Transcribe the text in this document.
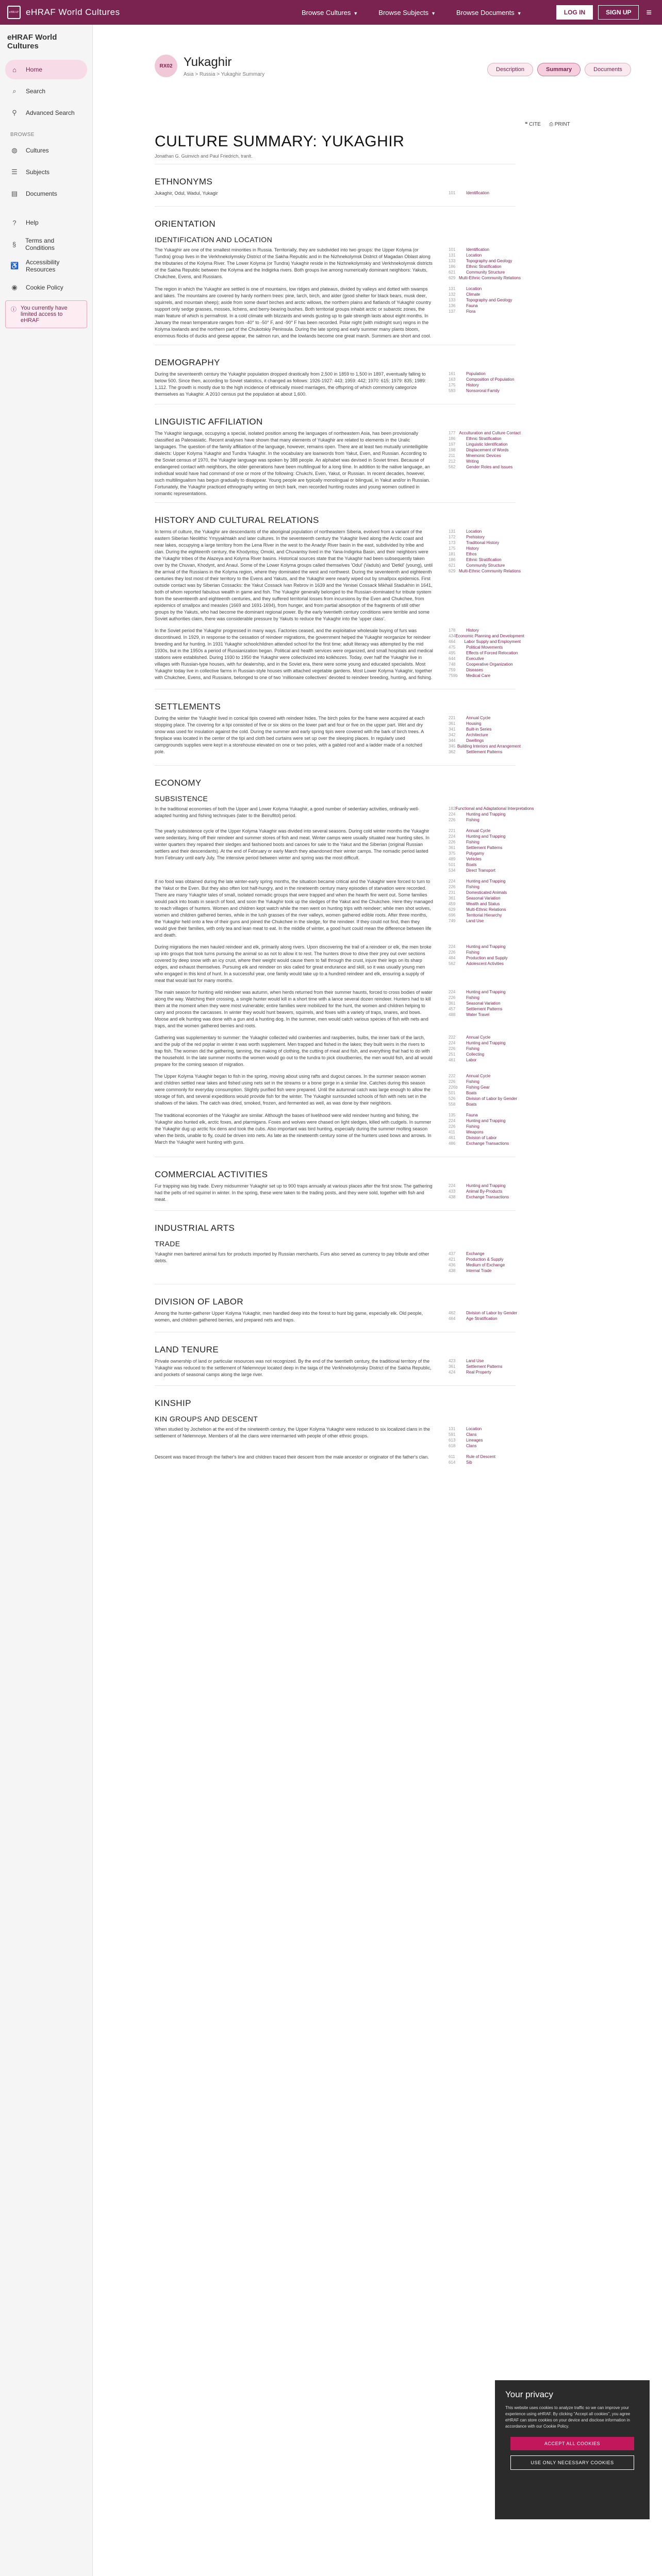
eHRAF eHRAF World Cultures	Browse Cultures ▼	Browse Subjects ▼	Browse Documents ▼	LOG IN	SIGN UP	≡
eHRAF World Cultures
⌂	Home
⌕	Search
⚲ Advanced Search
BROWSE
◍ Cultures
☰ Subjects
▤ Documents
?	Help
§	Terms and Conditions
♿ Accessibility Resources
◉ Cookie Policy
ⓘ You currently have limited access to eHRAF
RX02 Yukaghir
Asia > Russia > Yukaghir Summary
Description	Summary	Documents
❝ CITE ⎙ PRINT
CULTURE SUMMARY: YUKAGHIR
Jonathan G. Guinvich and Paul Friedrich, tranlt.
ETHNONYMS

Jukaghir, Odul, Wadul, Yukagir	101	Identification
ORIENTATION
IDENTIFICATION AND LOCATION

The Yukaghir are one of the smallest minorities in Russia. Territorially, they are subdivided into two groups: the Upper Kolyma (or Tundra) group lives in the Verkhnekolymskiy District of the Sakha Republic and in the Nizhnekolymsk District of Magadan Oblast along the tributaries of the Kolyma River. The Lower Kolyma (or Tundra) Yukaghir reside in the Nizhnekolymskiy and Verkhnekolymsk districts of the Sakha Republic between the Kolyma and the Indigirka rivers. Both groups live among numerically dominant neighbors: Yakuts, Chukchee, Evens, and Russians.

101	Identification
131	Location
133	Topography and Geology
186	Ethnic Stratification
621	Community Structure
629 Multi-Ethnic Community Relations

The region in which the Yukaghir are settled is one of mountains, low ridges and plateaus, divided by valleys and dotted with swamps and lakes. The mountains are covered by hardy northern trees: pine, larch, birch, and alder (good shelter for black bears, musk deer, squirrels, and mountain sheep); aside from some dwarf birches and arctic willows, the northern plains and flatlands of Yukaghir country support only sedge grasses, mosses, lichens, and berry-bearing bushes. Both territorial groups inhabit arctic or subarctic zones, the main feature of which is permafrost. In a cold climate with blizzards and winds gusting up to gale strength lasts about eight months. In January the mean temperature ranges from -40° to -50° F, and -90° F has been recorded. Polar night (with midnight sun) reigns in the Kolyma lowlands and the northern part of the Chukotskiy Peninsula. During the late spring and early summer many plants bloom, enormous flocks of ducks and geese appear, the salmon run, and the lowlands become one great marsh. Summers are short and cool.

131	Location
132	Climate
133	Topography and Geology
136	Fauna
137	Flora
DEMOGRAPHY

During the seventeenth century the Yukaghir population dropped drastically from 2,500 in 1859 to 1,500 in 1897, eventually falling to below 500. Since then, according to Soviet statistics, it changed as follows: 1926-1927: 443; 1959: 442; 1970: 615; 1979: 835; 1989: 1,112. The growth is mostly due to the high incidence of ethnically mixed marriages, the offspring of which commonly categorize themselves as Yukaghir. A 2010 census put the population at about 1,600.

161	Population
163	Composition of Population
175	History
593	Nonsororal Family
LINGUISTIC AFFILIATION

The Yukaghir language, occupying a special, isolated position among the languages of northeastern Asia, has been provisionally classified as Paleoasiatic. Recent analyses have shown that many elements of Yukaghir are related to elements in the Uralic languages. The question of the family affiliation of the language, however, remains open. There are at least two mutually unintelligible dialects: Upper Kolyma Yukaghir and Tundra Yukaghir. In the vocabulary are loanwords from Yakut, Even, and Russian. According to the Soviet census of 1970, the Yukaghir language was spoken by 388 people. An alphabet was devised in Soviet times. Because of endangered contact with neighbors, the older generations have been multilingual for a long time. In addition to the native language, an individual would have had command of one or more of the following: Chukchi, Even, Yakut, or Russian. In recent decades, however, such multilingualism has begun gradually to disappear. Young people are typically monolingual or bilingual, in Yakut and/or in Russian. Fortunately, the Yukaghir practiced ethnography writing on birch bark, men recorded hunting routes and young women outlined in romantic representations.

177 Acculturation and Culture Contact
186	Ethnic Stratification
197	Linguistic Identification
198	Displacement of Words
211	Mnemonic Devices
212	Writing
562	Gender Roles and Issues
HISTORY AND CULTURAL RELATIONS

In terms of culture, the Yukaghir are descendants of the aboriginal population of northeastern Siberia, evolved from a variant of the eastern Siberian Neolithic Ymyyakhtakh and later cultures. In the seventeenth century the Yukaghir lived along the Arctic coast and near lakes, occupying a large territory from the Lena River in the west to the Anadyr River basin in the east, subdivided by tribe and clan. During the eighteenth century, the Khodyntsy, Omoki, and Chuvantsy lived in the Yana-Indigirka Basin, and their neighbors were the Yukaghir tribes of the Alazeya and Kolyma River basins. Historical sources state that the Yukaghir had been subsequently taken over by the Chuvan, Khodynt, and Anaul. Some of the Lower Kolyma groups called themselves 'Odul' (Vaduls) and 'Detkil' (young), until the arrival of the Russians in the Kolyma region, where they dominated the west and northwest. During the seventeenth and eighteenth centuries they lost most of their territory to the Evens and Yakuts, and the Yukaghir were nearly wiped out by smallpox epidemics. First outside contact was by Siberian Cossacks: the Yakut Cossack Ivan Rebrov in 1639 and the Yenisei Cossack Mikhail Stadukhin in 1641, both of whom reported fabulous wealth in game and fish. The Yukaghir generally belonged to the Russian-dominated fur tribute system from the seventeenth and eighteenth centuries, and they suffered territorial losses from incursions by the Even and Chukchee, from epidemics of smallpox and measles (1669 and 1691-1694), from hunger, and from partial absorption of the fragments of still other groups by the Yakuts, who had become the dominant regional power. By the early twentieth century conditions were terrible and some Soviet authorities claim, there was considerable pressure by Yakuts to reduce the Yukaghir into the 'upper class'.

131	Location
172	Prehistory
173	Traditional History
175	History
181	Ethos
186	Ethnic Stratification
621	Community Structure
629 Multi-Ethnic Community Relations

In the Soviet period the Yukaghir progressed in many ways. Factories ceased, and the exploitative wholesale buying of furs was discontinued. In 1929, in response to the cessation of reindeer migrations, the government helped the Yukaghir reorganize for reindeer breeding and fur hunting. In 1931 Yukaghir schoolchildren attended school for the first time; adult literacy was attempted by the mid 1930s, but in the 1950s a period of Russianization began. Political and health services were organized, and small hospitals and medical stations were established. During 1930 to 1950 the Yukaghir were collectivized into kolkhozes. Today, over half the Yukaghir live in villages with Russian-type houses, with fur dealership, and in the Soviet era, there were some young and educated specialists. Most Yukaghir today live in collective farms in Russian-style houses with attached vegetable gardens. Most Lower Kolyma Yukaghir, together with Chukchee, Evens, and Russians, belonged to one of two 'millionaire collectives' devoted to reindeer breeding, hunting, and fishing.

178	History
434 Economic Planning and Development
464	Labor Supply and Employment
475	Political Movements
495	Effects of Forced Relocation
644	Executive
748	Cooperative Organization
759	Diseases
759b	Medical Care
SETTLEMENTS

During the winter the Yukaghir lived in conical tipis covered with reindeer hides. The birch poles for the frame were acquired at each stopping place. The covering for a tipi consisted of five or six skins on the lower part and four or five on the upper part. Wet and dry snow was used for insulation against the cold. During the summer and early spring tipis were covered with the bark of birch trees. A fireplace was located in the center of the tipi and cloth bed curtains were set up over the sleeping places. In regularly used campgrounds supplies were kept in a storehouse elevated on one or two poles, with a gabled roof and a ladder made of a notched pole.

221	Annual Cycle
361	Housing
341	Built-in Series
342	Architecture
344	Dwellings
345 Building Interiors and Arrangement
362	Settlement Patterns
ECONOMY
SUBSISTENCE

In the traditional economies of both the Upper and Lower Kolyma Yukaghir, a good number of sedentary activities, ordinarily well-adapted hunting and fishing techniques (later to the Beirufitol) period.

182 Functional and Adaptational Interpretations
224	Hunting and Trapping
226	Fishing

The yearly subsistence cycle of the Upper Kolyma Yukaghir was divided into several seasons. During cold winter months the Yukaghir were sedentary, living off their reindeer and summer stores of fish and meat. Winter camps were usually situated near hunting sites. In winter quarters they repaired their sledges and fashioned boots and canoes for sale to the Yakut and the Siberian (original Russian settlers and their descendants). At the end of February or early March they abandoned their winter camps. The nomadic period lasted from February until early July. The intensive period between winter and spring was the most difficult.

221	Annual Cycle
224	Hunting and Trapping
226	Fishing
361	Settlement Patterns
375	Polygamy
489	Vehicles
501	Boats
534	Direct Transport

If no food was obtained during the late winter-early spring months, the situation became critical and the Yukaghir were forced to turn to the Yakut or the Even. But they also often lost half-hungry, and in the nineteenth century many episodes of starvation were recorded. There are many Yukaghir tales of small, isolated nomadic groups that were trapped and when the hearth fire went out. Some families would pack into boats in search of food, and soon the Yukaghir took up the sledges of the Yakut and the Chukchee. Here they managed to reach villages of hunters. Women and children kept watch while the men went on hunting trips with reindeer; while men shot wolves, women and children gathered berries, while in the lush grasses of the river valleys, women gathered edible roots. After three months, the Yukaghir held onto a few of their guns and joined the Chukchee in the sledge, for the reindeer. If they could not find, then they would give their families, with only tea and lean meat to eat. In the middle of winter, a good hunt could mean the difference between life and death.

224	Hunting and Trapping
226	Fishing
231	Domesticated Animals
361	Seasonal Variation
459	Wealth and Status
629	Multi-Ethnic Relations
696	Territorial Hierarchy
749	Land Use

During migrations the men hauled reindeer and elk, primarily along rivers. Upon discovering the trail of a reindeer or elk, the men broke up into groups that took turns pursuing the animal so as not to allow it to rest. The hunters drove to drive their prey out over sections covered by deep snow with an icy crust, where their weight would cause them to fall through the crust, injure their legs on its sharp edges, and exhaust themselves. Pursuing elk and reindeer on skis called for great endurance and skill, so it was usually young men who engaged in this kind of hunt. In a successful year, one family would take up to a hundred reindeer and elk, ensuring a supply of meat that would last for many months.

224	Hunting and Trapping
226	Fishing
484	Production and Supply
562	Adolescent Activities

The main season for hunting wild reindeer was autumn, when herds returned from their summer haunts, forced to cross bodies of water along the way. Watching their crossing, a single hunter would kill in a short time with a lance several dozen reindeer. Hunters had to kill them at the moment when they were most vulnerable; entire families were mobilized for the hunt, the women and children helping to carry and process the carcasses. In winter they would hunt beavers, squirrels, and foxes with a variety of traps, snares, and bows. Moose and elk hunting was done with a gun and a hunting dog. In the summer, men would catch various species of fish with nets and traps, and the women gathered berries and roots.

224	Hunting and Trapping
226	Fishing
361	Seasonal Variation
457	Settlement Patterns
488	Water Travel

Gathering was supplementary to summer: the Yukaghir collected wild cranberries and raspberries, bulbs, the inner bark of the larch, and the pulp of the red poplar in winter it was worth supplement. Men trapped and fished in the lakes; they built weirs in the rivers to trap fish. The women did the gathering, tanning, the making of clothing, the cutting of meat and fish, and everything that had to do with the household. In the late summer months the women would go out to the tundra to pick cloudberries, the men would fish, and all would prepare for the coming season of migration.

222	Annual Cycle
224	Hunting and Trapping
226	Fishing
251	Collecting
461	Labor

The Upper Kolyma Yukaghir began to fish in the spring, moving about using rafts and dugout canoes. In the summer season women and children settled near lakes and fished using nets set in the streams or a bone gorge in a similar line. Catches during this season were commonly for everyday consumption. Slightly purified fish were prepared. Until the autumnal catch was large enough to allow the storage of fish, and several expeditions would provide fish for the winter. The Yukaghir surrounded schools of fish with nets set in the shallows of the lakes. The catch was dried, smoked, frozen, and fermented as well, as was done by their neighbors.

222	Annual Cycle
226	Fishing
226b	Fishing Gear
501	Boats
526	Division of Labor by Gender
558	Boats

The traditional economies of the Yukaghir are similar. Although the bases of livelihood were wild reindeer hunting and fishing, the Yukaghir also hunted elk, arctic foxes, and ptarmigans. Foxes and wolves were chased on light sledges, killed with cudgels. In summer the Yukaghir dug up arctic fox dens and took the cubs. Also important was bird hunting, especially during the summer molting season when the birds, unable to fly, could be driven into nets. As late as the nineteenth century some of the hunters used bows and arrows. In March the Yukaghir went hunting with guns.

135	Fauna
224	Hunting and Trapping
226	Fishing
411	Weapons
461	Division of Labor
486	Exchange Transactions
COMMERCIAL ACTIVITIES

Fur trapping was big trade. Every midsummer Yukaghir set up to 900 traps annually at various places after the first snow. The gathering had the pelts of red squirrel in winter. In the spring, these were taken to the trading posts, and they were sold, together with fish and meat.

224	Hunting and Trapping
433	Animal By-Products
438	Exchange Transactions
INDUSTRIAL ARTS
TRADE

Yukaghir men bartered animal furs for products imported by Russian merchants. Furs also served as currency to pay tribute and other debts.

437	Exchange
421	Production & Supply
436	Medium of Exchange
438	Internal Trade
DIVISION OF LABOR

Among the hunter-gatherer Upper Kolyma Yukaghir, men handled deep into the forest to hunt big game, especially elk. Old people, women, and children gathered berries, and prepared nets and traps.

462	Division of Labor by Gender
464	Age Stratification
LAND TENURE

Private ownership of land or particular resources was not recognized. By the end of the twentieth century, the traditional territory of the Yukaghir was reduced to the settlement of Nelemnoye located deep in the taiga of the Verkhnekolymsky District of the Sakha Republic, and pockets of seasonal camps along the large river.

423	Land Use
361	Settlement Patterns
424	Real Property
KINSHIP
KIN GROUPS AND DESCENT

When studied by Jochelson at the end of the nineteenth century, the Upper Kolyma Yukaghir were reduced to six localized clans in the settlement of Nelemnoye. Members of all the clans were intermarried with people of other ethnic groups.

131	Location
591	Clans
613	Lineages
618	Clans

Descent was traced through the father's line and children traced their descent from the male ancestor or originator of the father's clan.	611	Rule of Descent
614	Sib
Your privacy
This website uses cookies to analyze traffic so we can improve your experience using eHRAF. By clicking "Accept all cookies", you agree eHRAF can store cookies on your device and disclose information in accordance with our Cookie Policy.
ACCEPT ALL COOKIES
USE ONLY NECESSARY COOKIES
